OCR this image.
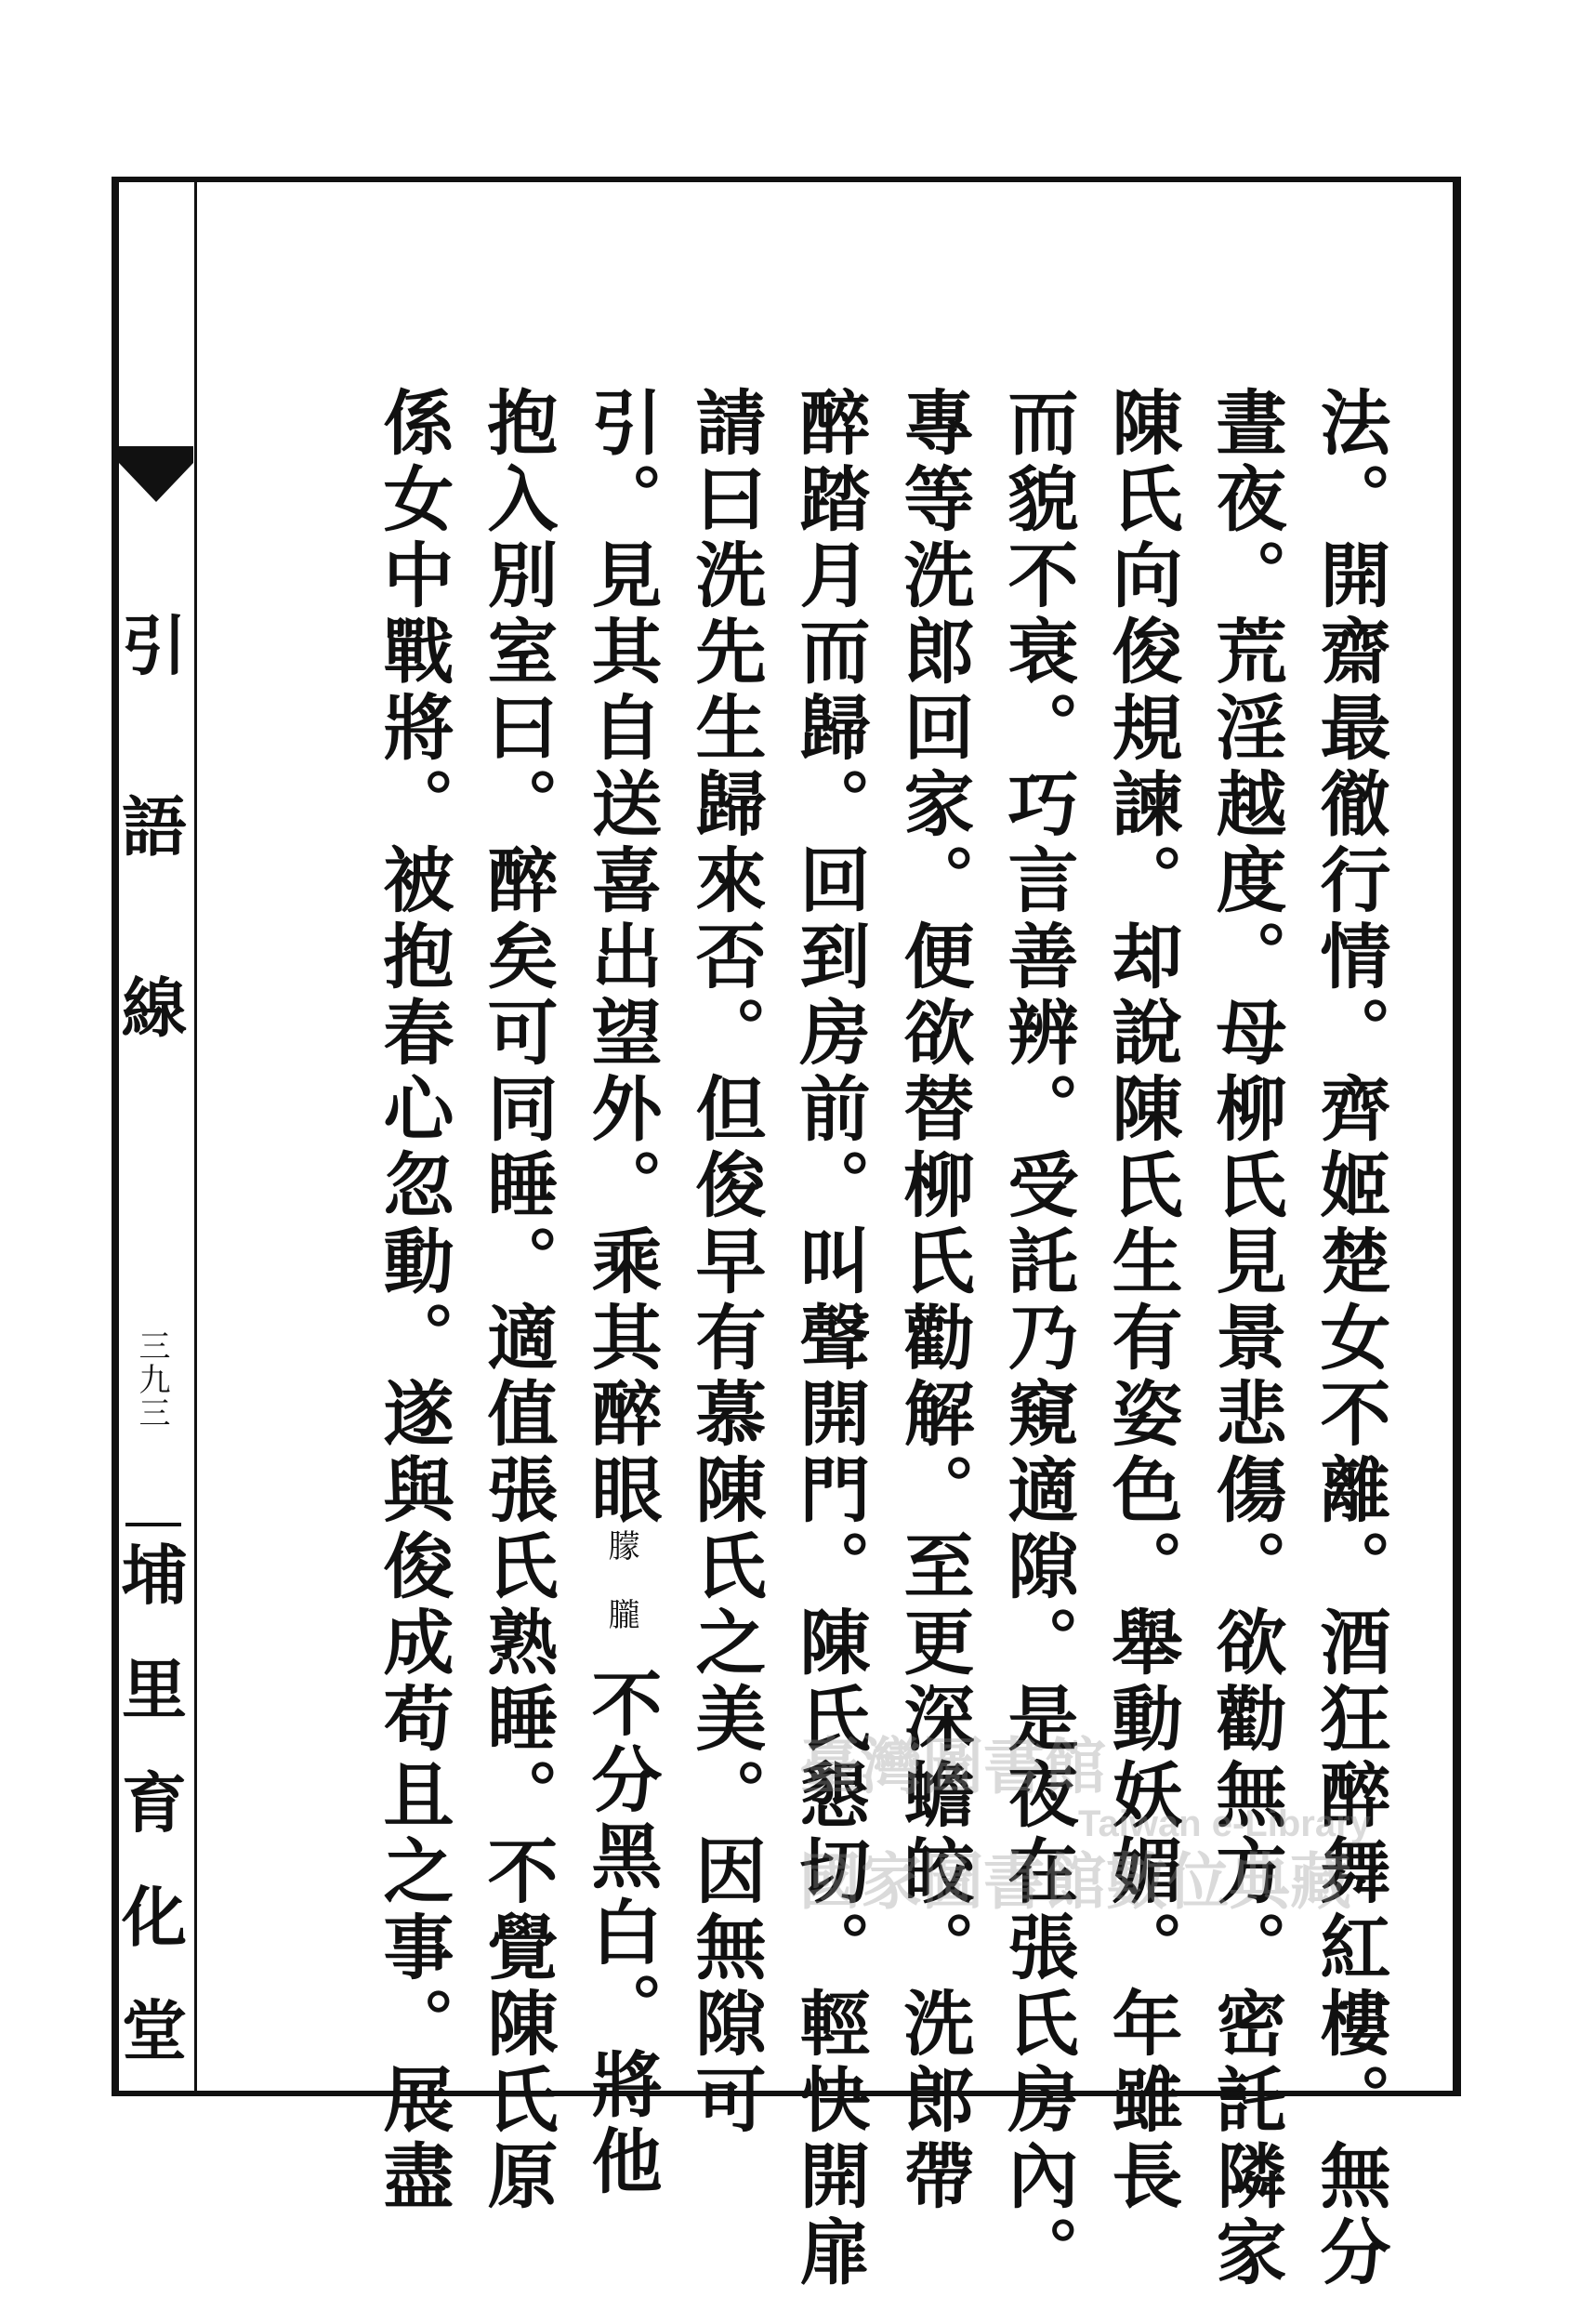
引
語
線
三九三
埔
里
育
化
堂	法。開齋最徹行情。齊姬楚女不離。酒狂醉舞紅樓。無分
晝夜。荒淫越度。母柳氏見景悲傷。欲勸無方。密託隣家
陳氏向俊規諫。却說陳氏生有姿色。舉動妖媚。年雖長
而貌不衰。巧言善辨。受託乃窺適隙。是夜在張氏房內。
專等洗郎回家。便欲替柳氏勸解。至更深蟾皎。洗郎帶
醉踏月而歸。回到房前。叫聲開門。陳氏懇切。輕快開扉
請曰洗先生歸來否。但俊早有慕陳氏之美。因無隙可
引。見其自送喜出望外。乘其醉眼朦朧不分黑白。將他
抱入別室曰。醉矣可同睡。適值張氏熟睡。不覺陳氏原
係女中戰將。被抱春心忽動。遂與俊成苟且之事。展盡	臺灣圖書館
Taiwan e-Library
國家圖書館數位典藏
